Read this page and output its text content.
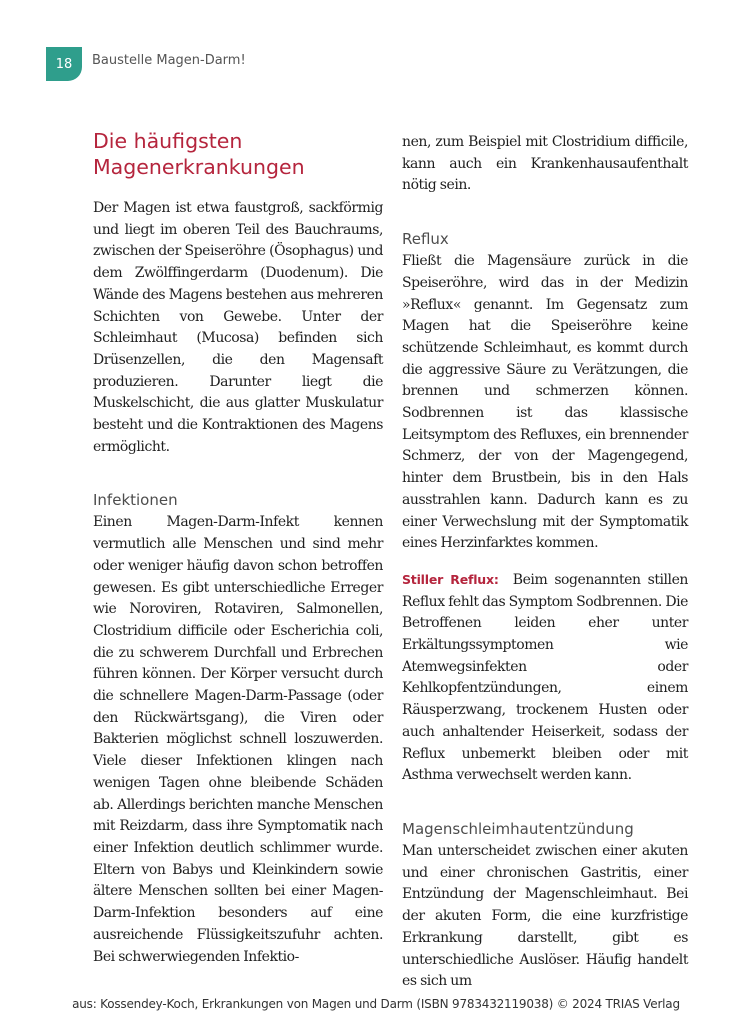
18 Baustelle Magen-Darm!
Die häufigsten Magenerkrankungen

Der Magen ist etwa faustgroß, sackförmig und liegt im oberen Teil des Bauchraums, zwischen der Speiseröhre (Ösophagus) und dem Zwölffingerdarm (Duodenum). Die Wände des Magens bestehen aus mehreren Schichten von Gewebe. Unter der Schleimhaut (Mucosa) befinden sich Drüsenzellen, die den Magensaft produzieren. Darunter liegt die Muskelschicht, die aus glatter Muskulatur besteht und die Kontraktionen des Magens ermöglicht.

Infektionen

Einen Magen-Darm-Infekt kennen vermutlich alle Menschen und sind mehr oder weniger häufig davon schon betroffen gewesen. Es gibt unterschiedliche Erreger wie Noroviren, Rotaviren, Salmonellen, Clostridium difficile oder Escherichia coli, die zu schwerem Durchfall und Erbrechen führen können. Der Körper versucht durch die schnellere Magen-Darm-Passage (oder den Rückwärtsgang), die Viren oder Bakterien möglichst schnell loszuwerden. Viele dieser Infektionen klingen nach wenigen Tagen ohne bleibende Schäden ab. Allerdings berichten manche Menschen mit Reizdarm, dass ihre Symptomatik nach einer Infektion deutlich schlimmer wurde. Eltern von Babys und Kleinkindern sowie ältere Menschen sollten bei einer Magen-Darm-Infektion besonders auf eine ausreichende Flüssigkeitszufuhr achten. Bei schwerwiegenden Infektio-

nen, zum Beispiel mit Clostridium difficile, kann auch ein Krankenhausaufenthalt nötig sein.

Reflux

Fließt die Magensäure zurück in die Speiseröhre, wird das in der Medizin »Reflux« genannt. Im Gegensatz zum Magen hat die Speiseröhre keine schützende Schleimhaut, es kommt durch die aggressive Säure zu Verätzungen, die brennen und schmerzen können. Sodbrennen ist das klassische Leitsymptom des Refluxes, ein brennender Schmerz, der von der Magengegend, hinter dem Brustbein, bis in den Hals ausstrahlen kann. Dadurch kann es zu einer Verwechslung mit der Symptomatik eines Herzinfarktes kommen.

Stiller Reflux: Beim sogenannten stillen Reflux fehlt das Symptom Sodbrennen. Die Betroffenen leiden eher unter Erkältungssymptomen wie Atemwegsinfekten oder Kehlkopfentzündungen, einem Räusperzwang, trockenem Husten oder auch anhaltender Heiserkeit, sodass der Reflux unbemerkt bleiben oder mit Asthma verwechselt werden kann.

Magenschleimhautentzündung

Man unterscheidet zwischen einer akuten und einer chronischen Gastritis, einer Entzündung der Magenschleimhaut. Bei der akuten Form, die eine kurzfristige Erkrankung darstellt, gibt es unterschiedliche Auslöser. Häufig handelt es sich um

aus: Kossendey-Koch, Erkrankungen von Magen und Darm (ISBN 9783432119038) © 2024 TRIAS Verlag
